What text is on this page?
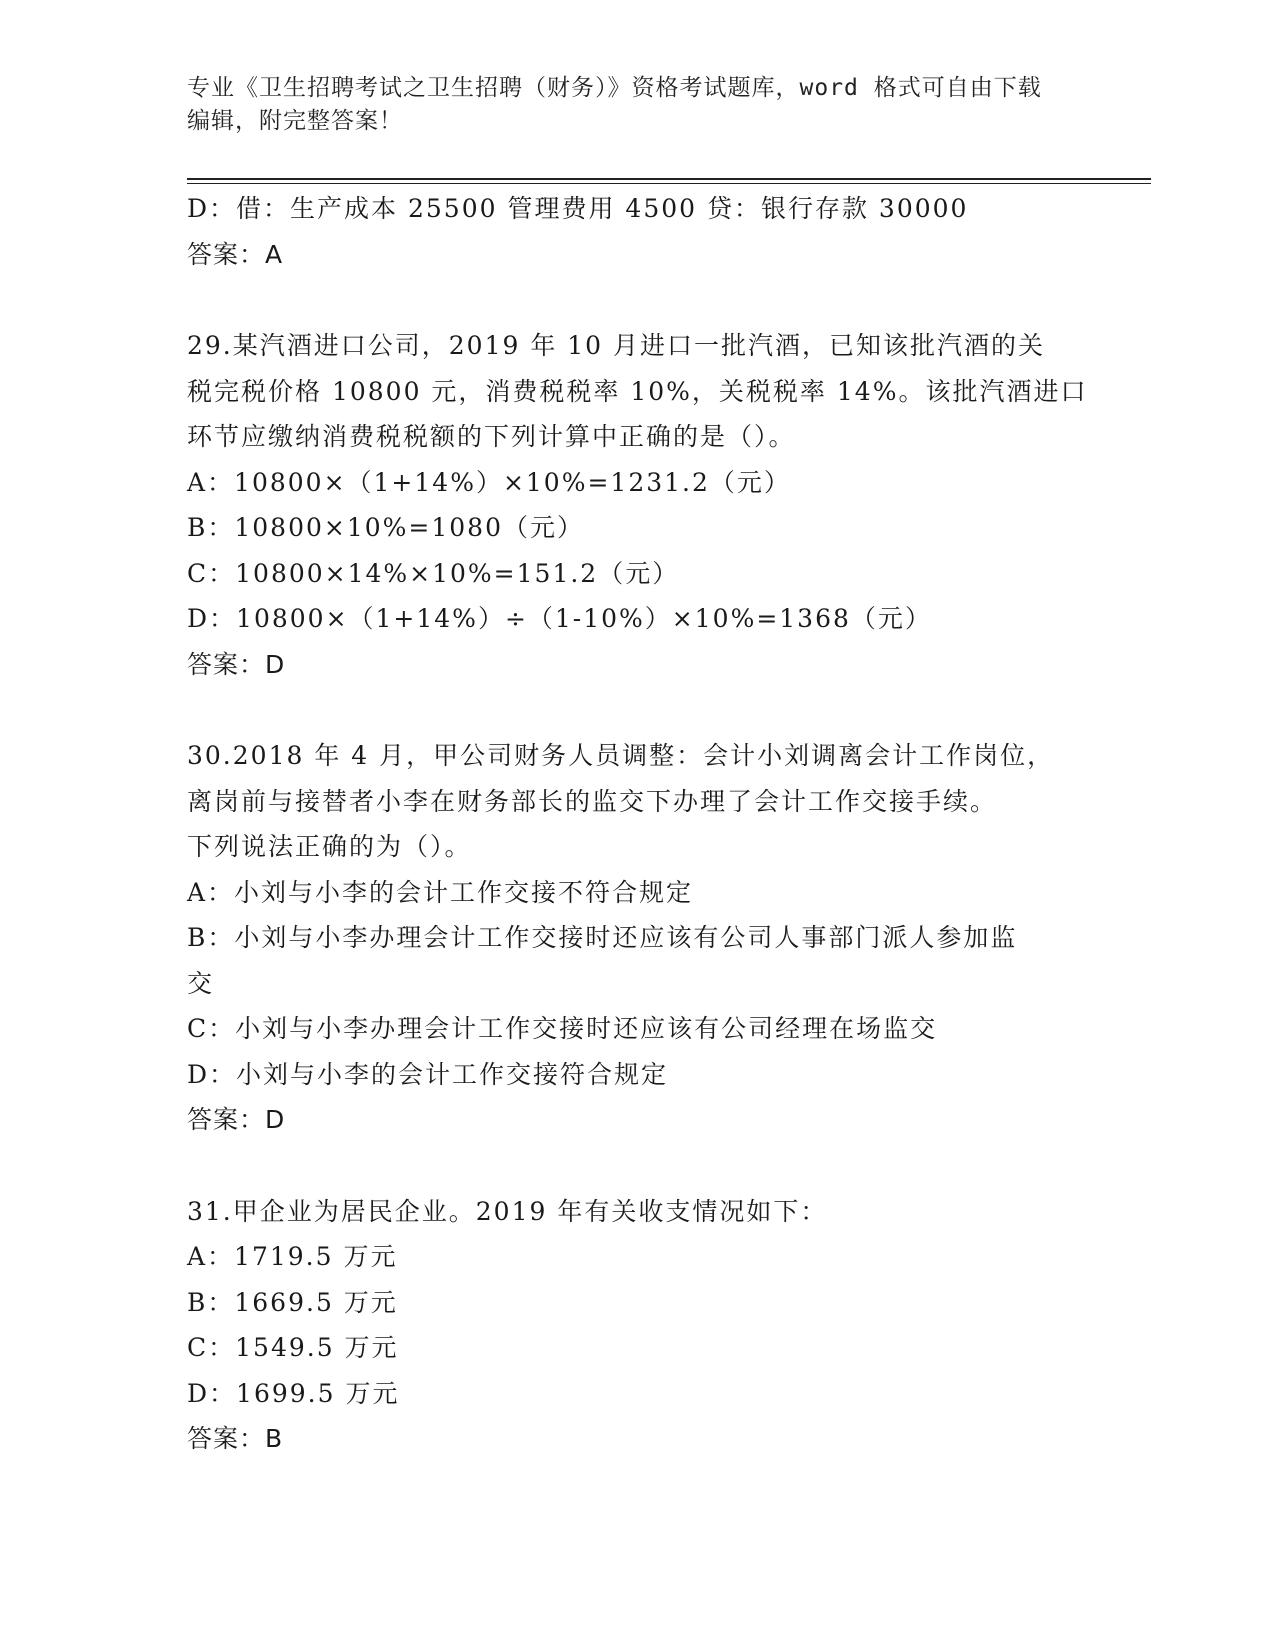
专业《卫生招聘考试之卫生招聘（财务）》资格考试题库，word 格式可自由下载
编辑，附完整答案！
D：借：生产成本 25500 管理费用 4500 贷：银行存款 30000
答案：A
29.某汽酒进口公司，2019 年 10 月进口一批汽酒，已知该批汽酒的关
税完税价格 10800 元，消费税税率 10%，关税税率 14%。该批汽酒进口
环节应缴纳消费税税额的下列计算中正确的是（）。
A：10800×（1+14%）×10%=1231.2（元）
B：10800×10%=1080（元）
C：10800×14%×10%=151.2（元）
D：10800×（1+14%）÷（1-10%）×10%=1368（元）
答案：D
30.2018 年 4 月，甲公司财务人员调整：会计小刘调离会计工作岗位，
离岗前与接替者小李在财务部长的监交下办理了会计工作交接手续。
下列说法正确的为（）。
A：小刘与小李的会计工作交接不符合规定
B：小刘与小李办理会计工作交接时还应该有公司人事部门派人参加监
交
C：小刘与小李办理会计工作交接时还应该有公司经理在场监交
D：小刘与小李的会计工作交接符合规定
答案：D
31.甲企业为居民企业。2019 年有关收支情况如下：
A：1719.5 万元
B：1669.5 万元
C：1549.5 万元
D：1699.5 万元
答案：B
